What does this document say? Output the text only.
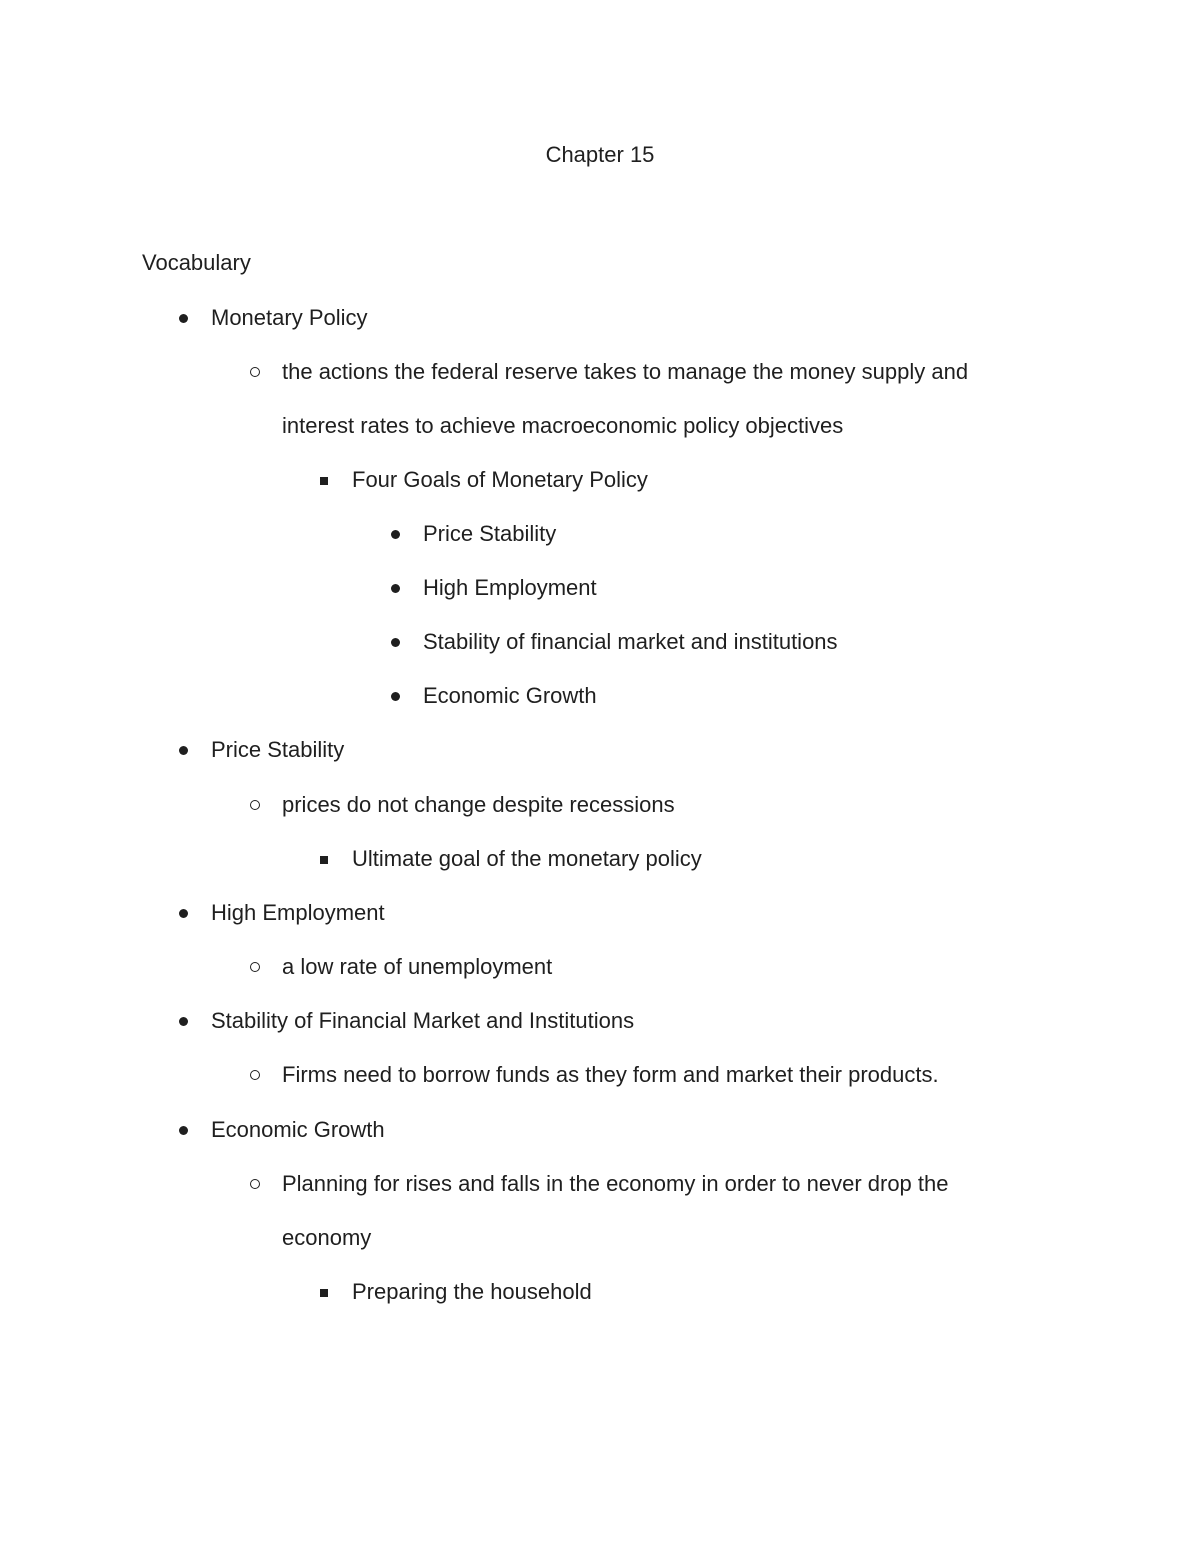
Chapter 15
Vocabulary
Monetary Policy
the actions the federal reserve takes to manage the money supply and interest rates to achieve macroeconomic policy objectives
Four Goals of Monetary Policy
Price Stability
High Employment
Stability of financial market and institutions
Economic Growth
Price Stability
prices do not change despite recessions
Ultimate goal of the monetary policy
High Employment
a low rate of unemployment
Stability of Financial Market and Institutions
Firms need to borrow funds as they form and market their products.
Economic Growth
Planning for rises and falls in the economy in order to never drop the economy
Preparing the household
